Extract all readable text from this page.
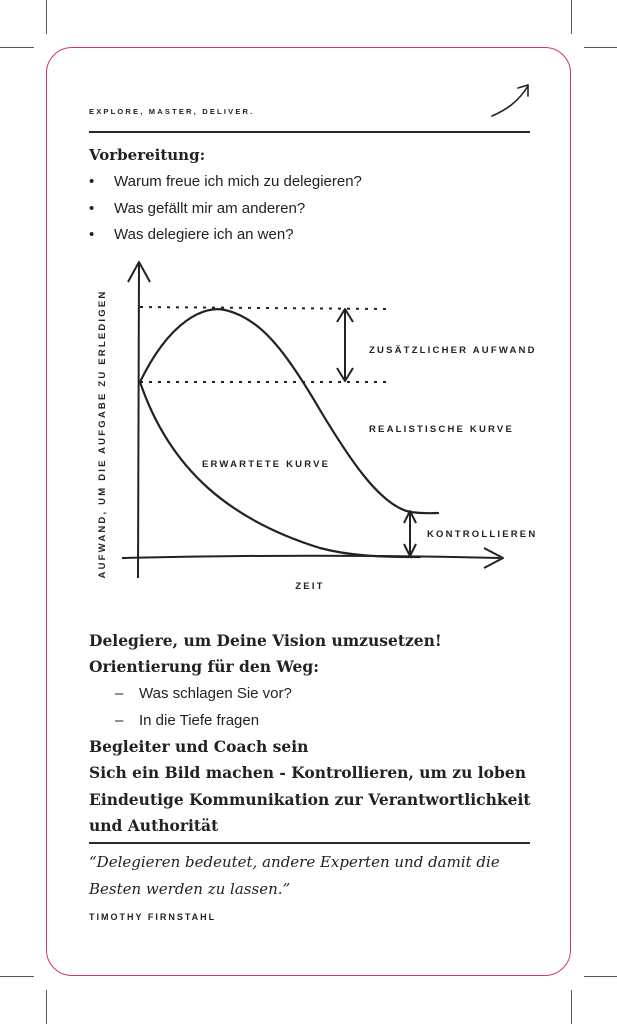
EXPLORE, MASTER, DELIVER.
Vorbereitung:
• Warum freue ich mich zu delegieren?
• Was gefällt mir am anderen?
• Was delegiere ich an wen?
AUFWAND, UM DIE AUFGABE ZU ERLEDIGEN
ZEIT
ZUSÄTZLICHER AUFWAND
REALISTISCHE KURVE
ERWARTETE KURVE
KONTROLLIEREN
Delegiere, um Deine Vision umzusetzen!
Orientierung für den Weg:
– Was schlagen Sie vor?
– In die Tiefe fragen
Begleiter und Coach sein
Sich ein Bild machen - Kontrollieren, um zu loben
Eindeutige Kommunikation zur Verantwortlichkeit
und Authorität
“Delegieren bedeutet, andere Experten und damit die Besten werden zu lassen.”
TIMOTHY FIRNSTAHL
